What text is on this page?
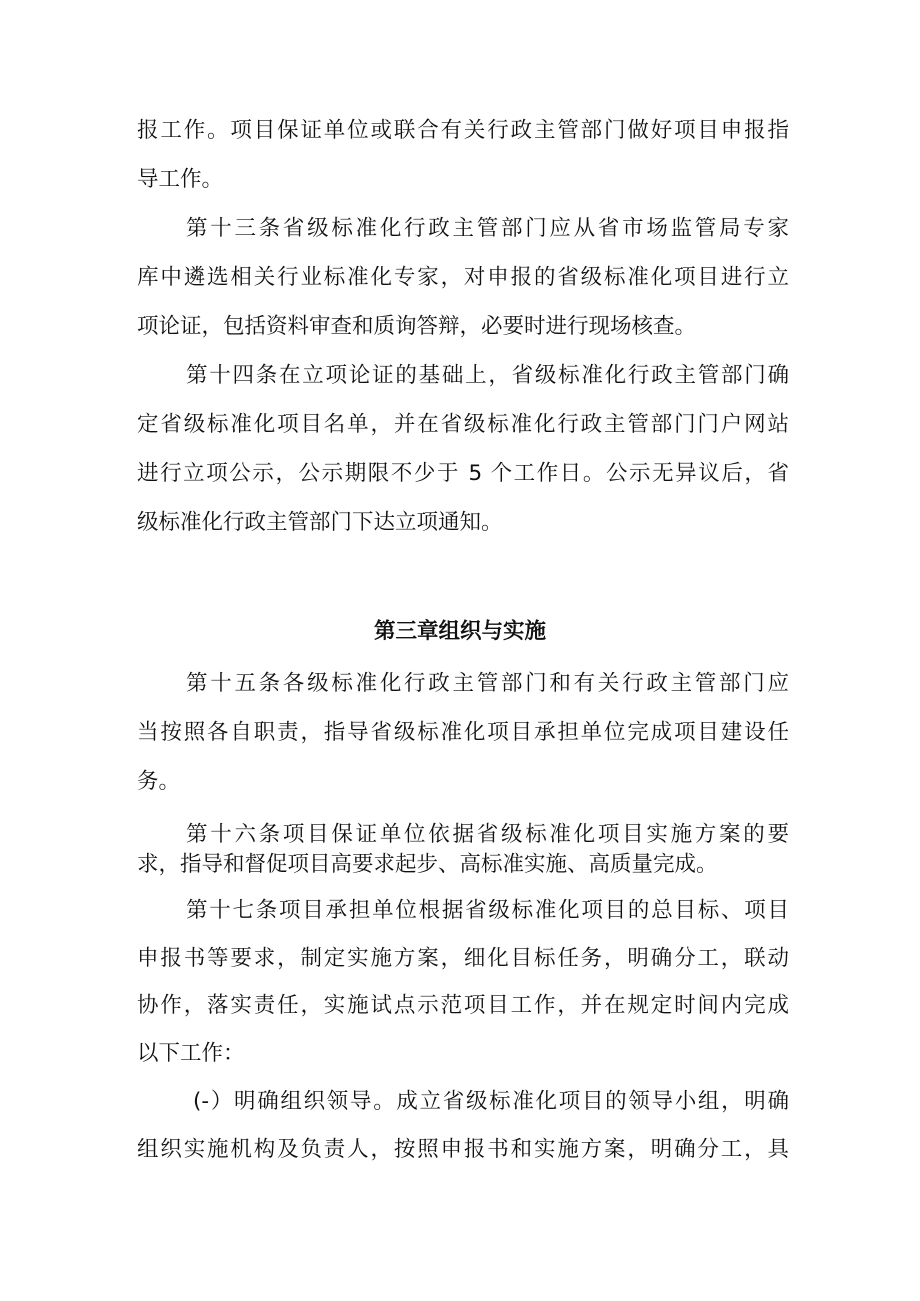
报工作。项目保证单位或联合有关行政主管部门做好项目申报指
导工作。
第十三条省级标准化行政主管部门应从省市场监管局专家
库中遴选相关行业标准化专家，对申报的省级标准化项目进行立
项论证，包括资料审查和质询答辩，必要时进行现场核查。
第十四条在立项论证的基础上，省级标准化行政主管部门确
定省级标准化项目名单，并在省级标准化行政主管部门门户网站
进行立项公示，公示期限不少于 5 个工作日。公示无异议后，省
级标准化行政主管部门下达立项通知。
第三章组织与实施
第十五条各级标准化行政主管部门和有关行政主管部门应
当按照各自职责，指导省级标准化项目承担单位完成项目建设任
务。
第十六条项目保证单位依据省级标准化项目实施方案的要
求，指导和督促项目高要求起步、高标准实施、高质量完成。
第十七条项目承担单位根据省级标准化项目的总目标、项目
申报书等要求，制定实施方案，细化目标任务，明确分工，联动
协作，落实责任，实施试点示范项目工作，并在规定时间内完成
以下工作：
(-）明确组织领导。成立省级标准化项目的领导小组，明确
组织实施机构及负责人，按照申报书和实施方案，明确分工，具
